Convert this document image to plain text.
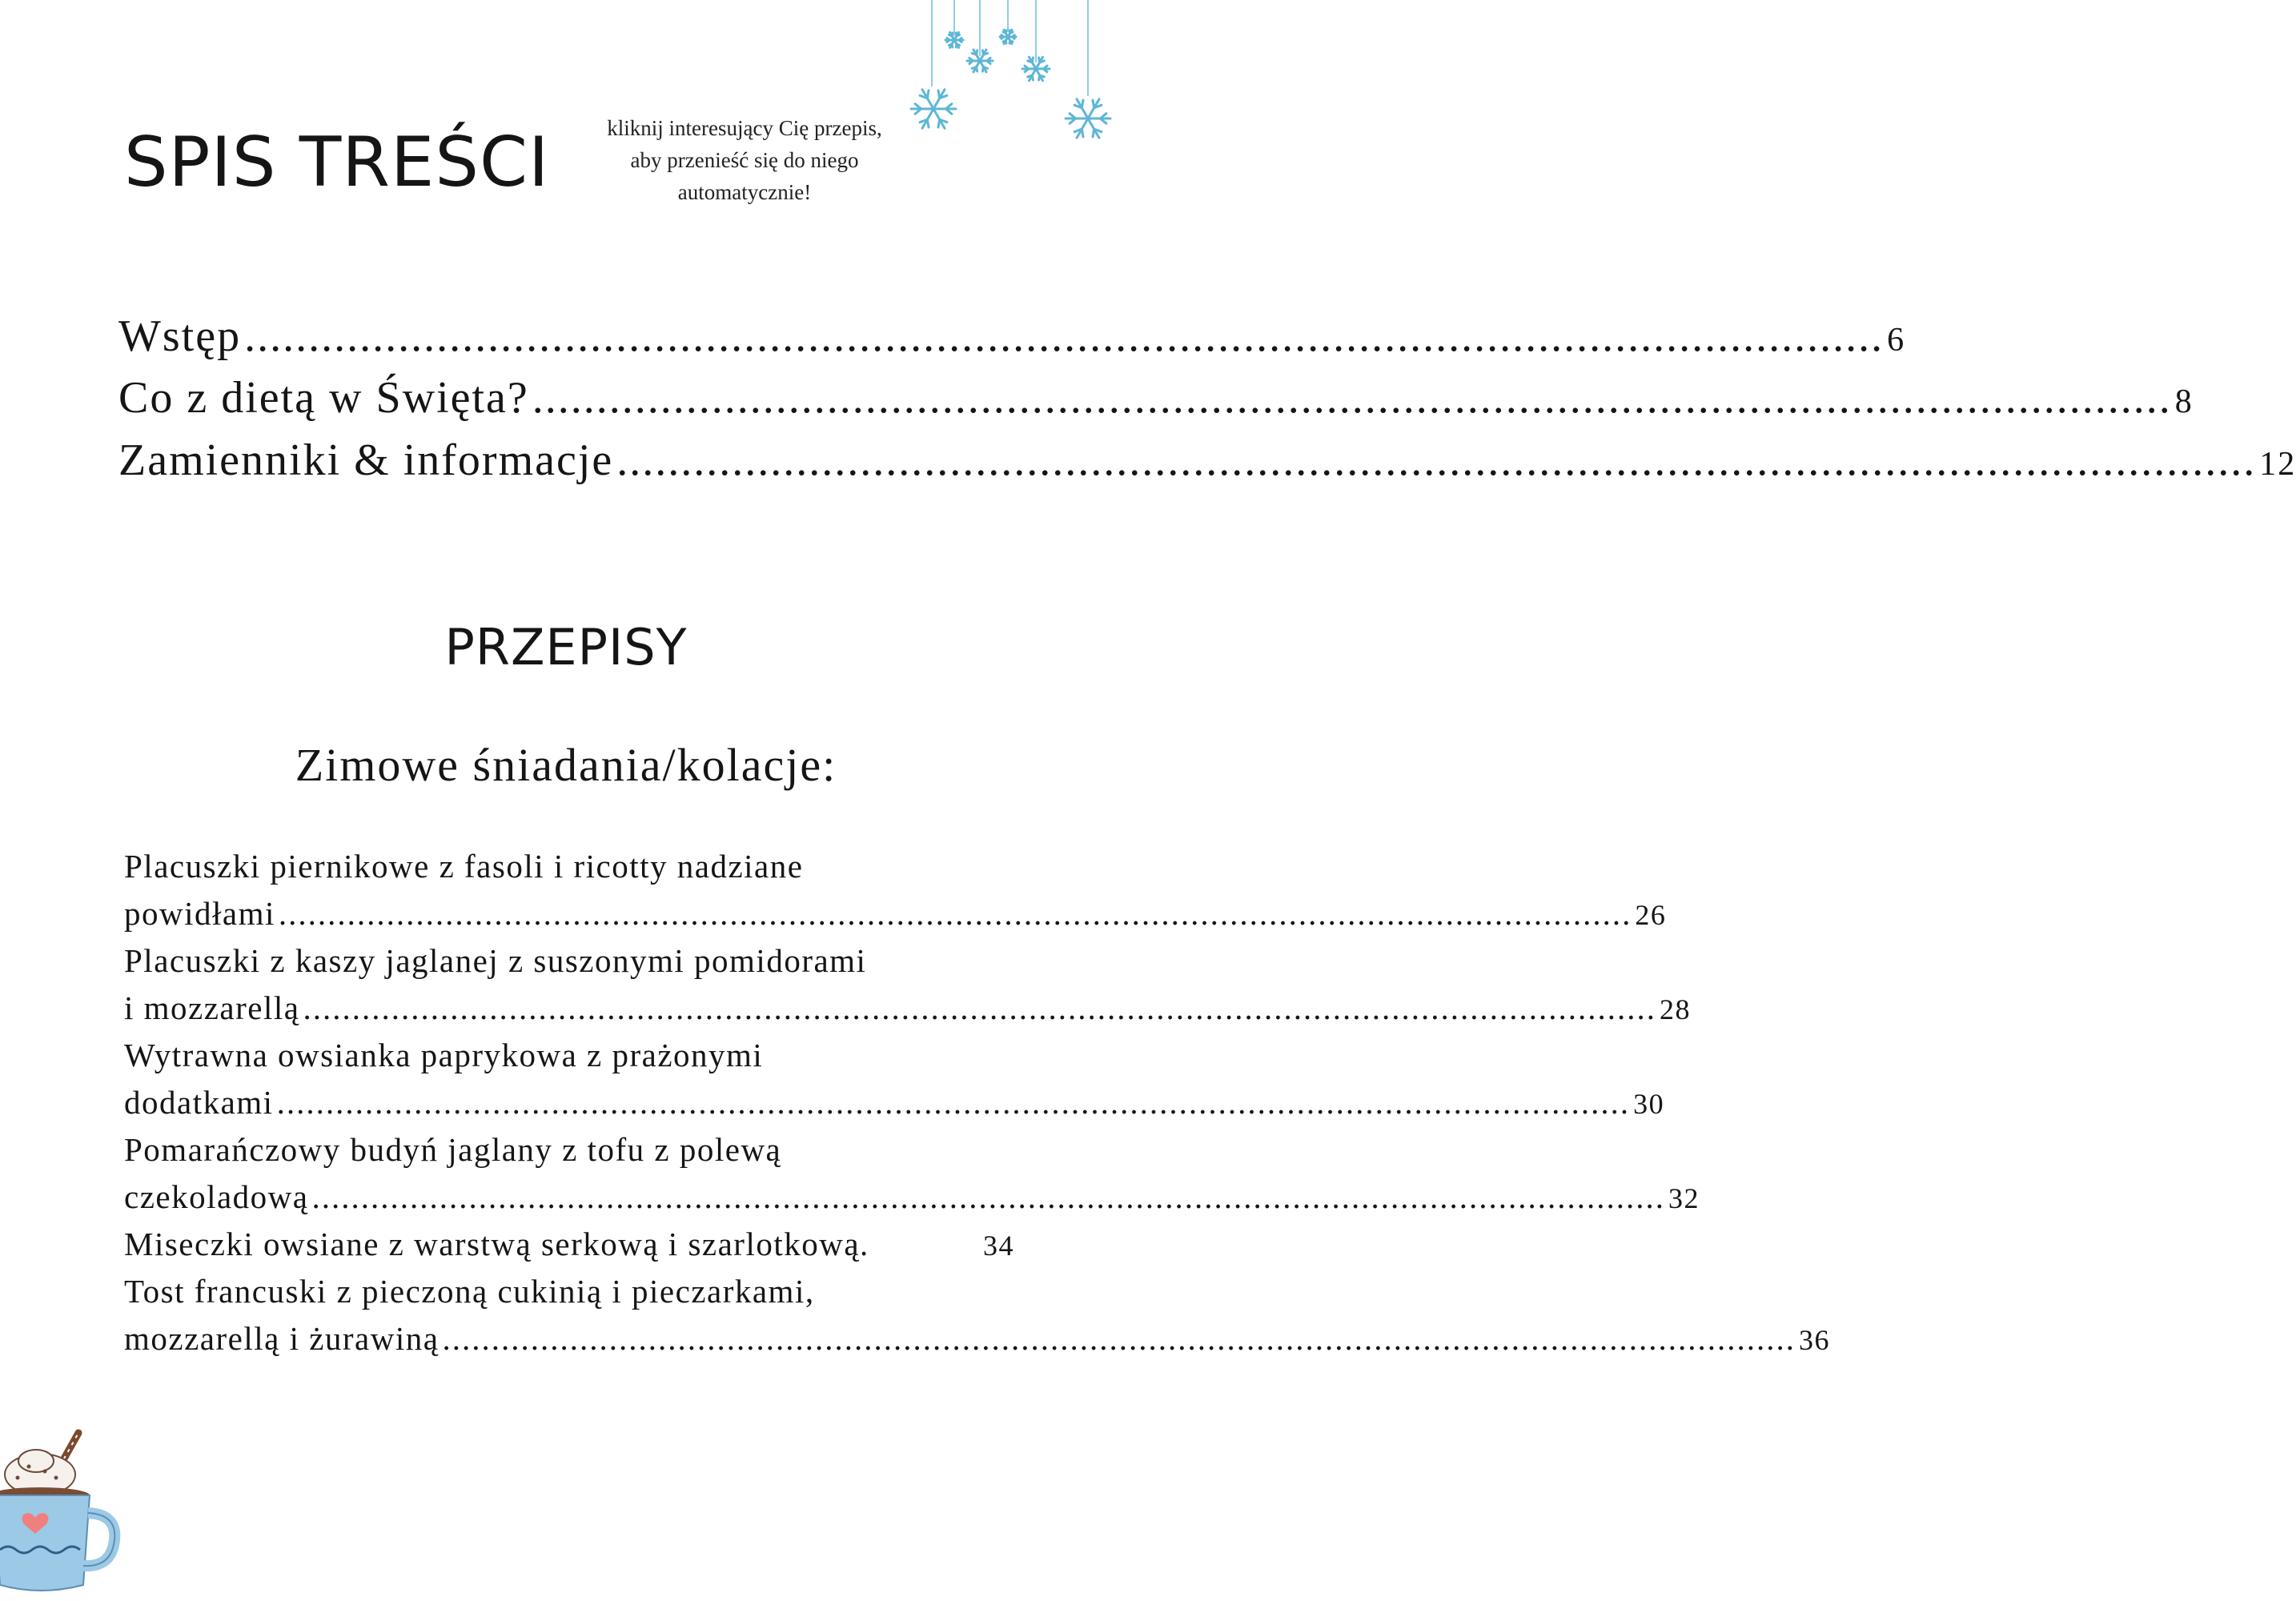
SPIS TREŚCI	kliknij interesujący Cię przepis, aby przenieść się do niego automatycznie!
Wstęp ................................................................................................................................ 6
Co z dietą w Święta? ................................................................................................................................ 8
Zamienniki & informacje ................................................................................................................................ 12
PRZEPISY
Zimowe śniadania/kolacje:
Placuszki piernikowe z fasoli i ricotty nadziane
powidłami .......................................................................................................................................... 26
Placuszki z kaszy jaglanej z suszonymi pomidorami
i mozzarellą .......................................................................................................................................... 28
Wytrawna owsianka paprykowa z prażonymi
dodatkami .......................................................................................................................................... 30
Pomarańczowy budyń jaglany z tofu z polewą
czekoladową .......................................................................................................................................... 32
Miseczki owsiane z warstwą serkową i szarlotkową .	34
Tost francuski z pieczoną cukinią i pieczarkami,
mozzarellą i żurawiną .......................................................................................................................................... 36
